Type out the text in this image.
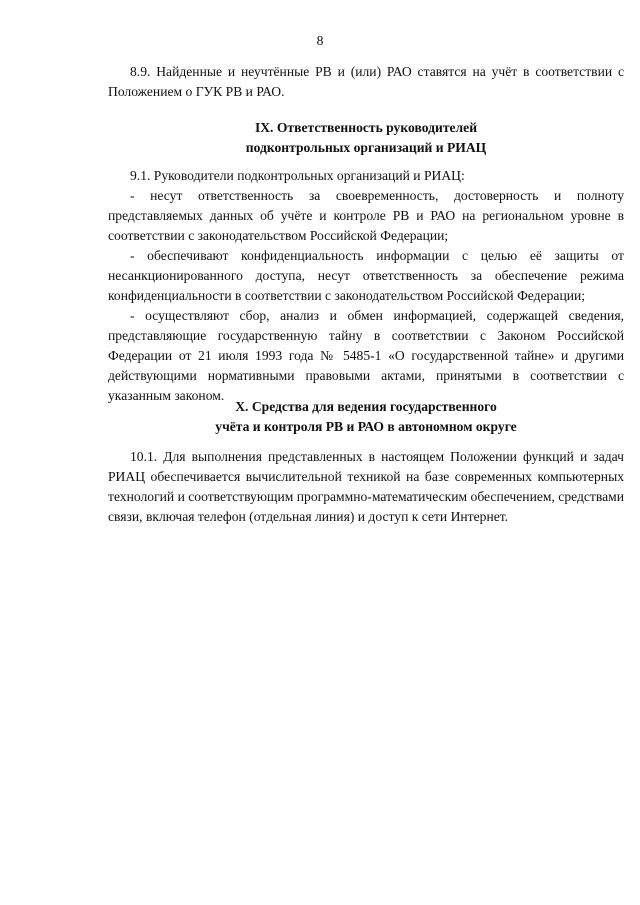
8

8.9. Найденные и неучтённые РВ и (или) РАО ставятся на учёт в соответствии с Положением о ГУК РВ и РАО.

IX. Ответственность руководителей
подконтрольных организаций и РИАЦ

9.1. Руководители подконтрольных организаций и РИАЦ:

- несут ответственность за своевременность, достоверность и полноту представляемых данных об учёте и контроле РВ и РАО на региональном уровне в соответствии с законодательством Российской Федерации;

- обеспечивают конфиденциальность информации с целью её защиты от несанкционированного доступа, несут ответственность за обеспечение режима конфиденциальности в соответствии с законодательством Российской Федерации;

- осуществляют сбор, анализ и обмен информацией, содержащей сведения, представляющие государственную тайну в соответствии с Законом Российской Федерации от 21 июля 1993 года № 5485-1 «О государственной тайне» и другими действующими нормативными правовыми актами, принятыми в соответствии с указанным законом.

X. Средства для ведения государственного
учёта и контроля РВ и РАО в автономном округе

10.1. Для выполнения представленных в настоящем Положении функций и задач РИАЦ обеспечивается вычислительной техникой на базе современных компьютерных технологий и соответствующим программно-математическим обеспечением, средствами связи, включая телефон (отдельная линия) и доступ к сети Интернет.
